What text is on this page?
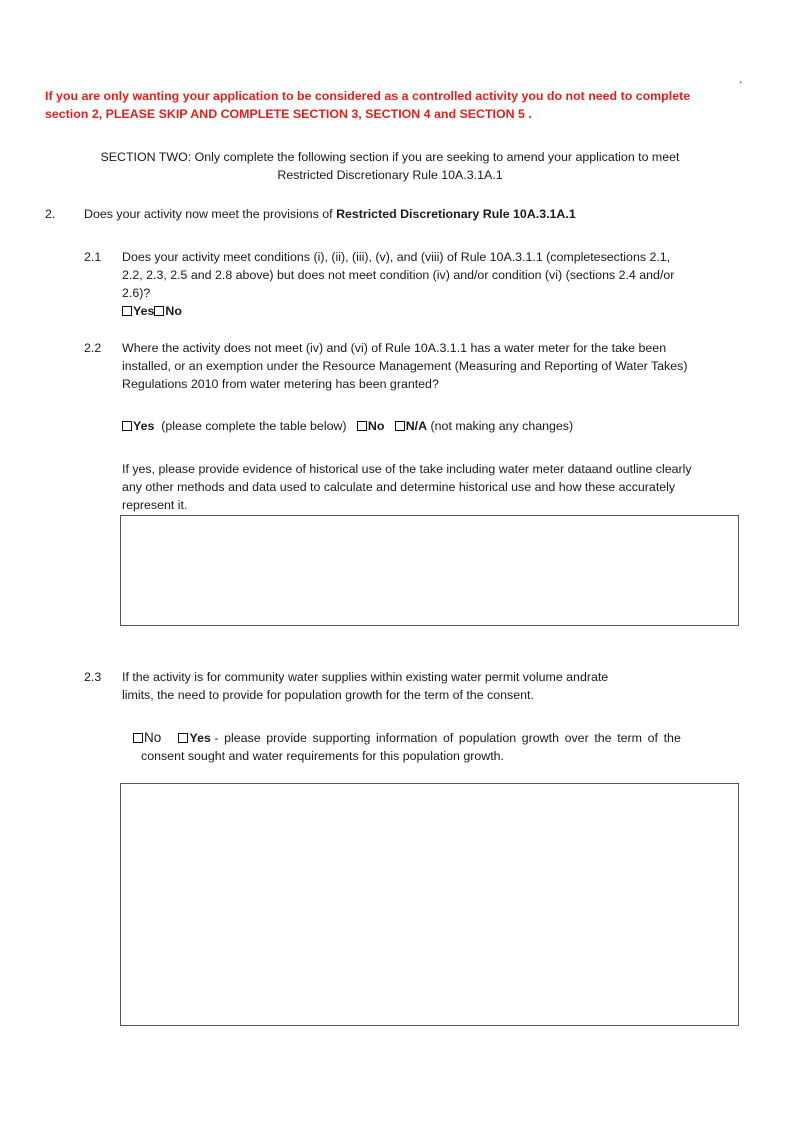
.
If you are only wanting your application to be considered as a controlled activity you do not need to complete
section 2, PLEASE SKIP AND COMPLETE SECTION 3, SECTION 4 and SECTION 5 .
SECTION TWO: Only complete the following section if you are seeking to amend your application to meet
Restricted Discretionary Rule 10A.3.1A.1
2. Does your activity now meet the provisions of Restricted Discretionary Rule 10A.3.1A.1
2.1 Does your activity meet conditions (i), (ii), (iii), (v), and (viii) of Rule 10A.3.1.1 (completesections 2.1,
2.2, 2.3, 2.5 and 2.8 above) but does not meet condition (iv) and/or condition (vi) (sections 2.4 and/or
2.6)?
Yes No
2.2 Where the activity does not meet (iv) and (vi) of Rule 10A.3.1.1 has a water meter for the take been
installed, or an exemption under the Resource Management (Measuring and Reporting of Water Takes)
Regulations 2010 from water metering has been granted?
Yes (please complete the table below) No N/A (not making any changes)
If yes, please provide evidence of historical use of the take including water meter dataand outline clearly
any other methods and data used to calculate and determine historical use and how these accurately
represent it.
2.3 If the activity is for community water supplies within existing water permit volume andrate
limits, the need to provide for population growth for the term of the consent.
No Yes - please provide supporting information of population growth over the term of the
consent sought and water requirements for this population growth.
